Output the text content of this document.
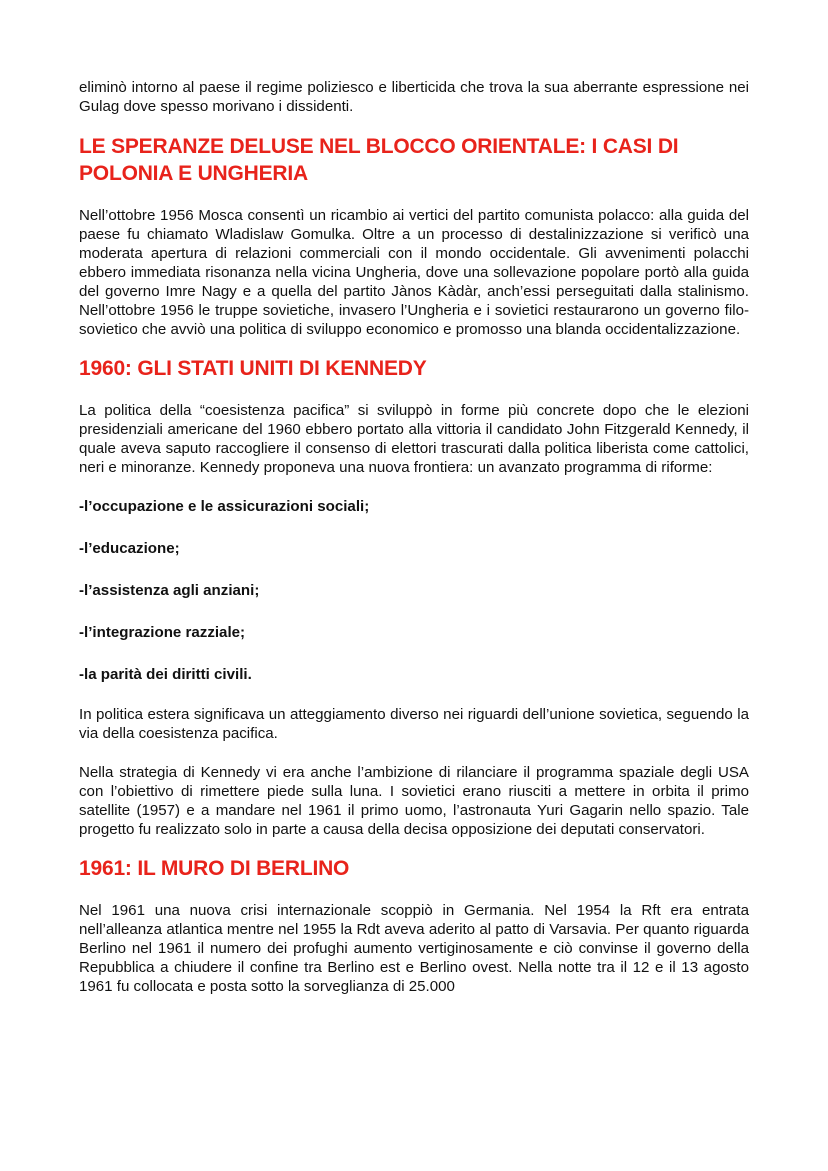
eliminò intorno al paese il regime poliziesco e liberticida che trova la sua aberrante espressione nei Gulag dove spesso morivano i dissidenti.

LE SPERANZE DELUSE NEL BLOCCO ORIENTALE: I CASI DI POLONIA E UNGHERIA

Nell’ottobre 1956 Mosca consentì un ricambio ai vertici del partito comunista polacco: alla guida del paese fu chiamato Wladislaw Gomulka. Oltre a un processo di destalinizzazione si verificò una moderata apertura di relazioni commerciali con il mondo occidentale. Gli avvenimenti polacchi ebbero immediata risonanza nella vicina Ungheria, dove una sollevazione popolare portò alla guida del governo Imre Nagy e a quella del partito Jànos Kàdàr, anch’essi perseguitati dalla stalinismo. Nell’ottobre 1956 le truppe sovietiche, invasero l’Ungheria e i sovietici restaurarono un governo filo-sovietico che avviò una politica di sviluppo economico e promosso una blanda occidentalizzazione.

1960: GLI STATI UNITI DI KENNEDY

La politica della “coesistenza pacifica” si sviluppò in forme più concrete dopo che le elezioni presidenziali americane del 1960 ebbero portato alla vittoria il candidato John Fitzgerald Kennedy, il quale aveva saputo raccogliere il consenso di elettori trascurati dalla politica liberista come cattolici, neri e minoranze. Kennedy proponeva una nuova frontiera: un avanzato programma di riforme:

-l’occupazione e le assicurazioni sociali;

-l’educazione;

-l’assistenza agli anziani;

-l’integrazione razziale;

-la parità dei diritti civili.

In politica estera significava un atteggiamento diverso nei riguardi dell’unione sovietica, seguendo la via della coesistenza pacifica.

Nella strategia di Kennedy vi era anche l’ambizione di rilanciare il programma spaziale degli USA con l’obiettivo di rimettere piede sulla luna. I sovietici erano riusciti a mettere in orbita il primo satellite (1957) e a mandare nel 1961 il primo uomo, l’astronauta Yuri Gagarin nello spazio. Tale progetto fu realizzato solo in parte a causa della decisa opposizione dei deputati conservatori.

1961: IL MURO DI BERLINO

Nel 1961 una nuova crisi internazionale scoppiò in Germania. Nel 1954 la Rft era entrata nell’alleanza atlantica mentre nel 1955 la Rdt aveva aderito al patto di Varsavia. Per quanto riguarda Berlino nel 1961 il numero dei profughi aumento vertiginosamente e ciò convinse il governo della Repubblica a chiudere il confine tra Berlino est e Berlino ovest. Nella notte tra il 12 e il 13 agosto 1961 fu collocata e posta sotto la sorveglianza di 25.000
